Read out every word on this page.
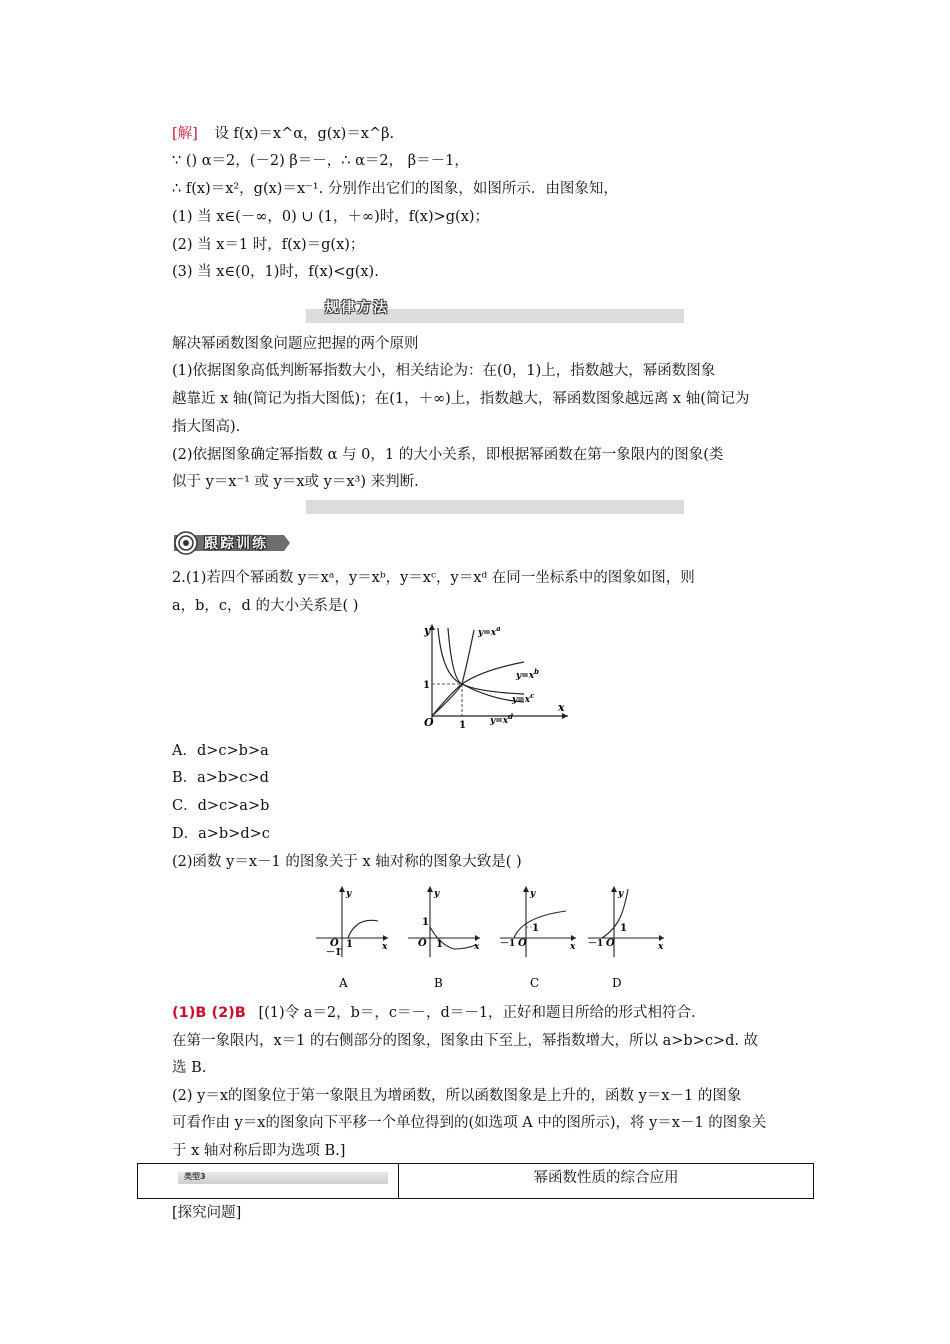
[解] 设 f(x)＝x^α，g(x)＝x^β.
∵ () α＝2，(－2) β＝－，∴ α＝2， β＝－1，
∴ f(x)＝x²，g(x)＝x⁻¹. 分别作出它们的图象，如图所示．由图象知，
(1) 当 x∈(－∞，0) ∪ (1，＋∞)时，f(x)>g(x)；
(2) 当 x＝1 时，f(x)＝g(x)；
(3) 当 x∈(0，1)时，f(x)<g(x).
规律方法
解决幂函数图象问题应把握的两个原则
(1)依据图象高低判断幂指数大小，相关结论为：在(0，1)上，指数越大，幂函数图象
越靠近 x 轴(简记为指大图低)；在(1，＋∞)上，指数越大，幂函数图象越远离 x 轴(简记为
指大图高).
(2)依据图象确定幂指数 α 与 0，1 的大小关系，即根据幂函数在第一象限内的图象(类
似于 y＝x⁻¹ 或 y＝x或 y＝x³) 来判断.
跟踪训练
2.(1)若四个幂函数 y＝xᵃ，y＝xᵇ，y＝xᶜ，y＝xᵈ 在同一坐标系中的图象如图，则
a，b，c，d 的大小关系是( )
y
x
O	1
1
$y=x^a$
$y=x^b$
$y=x^c$
$y=x^d$
A．d>c>b>a
B．a>b>c>d
C．d>c>a>b
D．a>b>d>c
(2)函数 y＝x－1 的图象关于 x 轴对称的图象大致是( )
y
x
O 1
－1
A
y
x
O 1
1
B
y
x
O
1
－1
C
y
x
O
1
－1
D
(1)B (2)B [(1)令 a＝2，b＝，c＝－，d＝－1，正好和题目所给的形式相符合.
在第一象限内，x＝1 的右侧部分的图象，图象由下至上，幂指数增大，所以 a>b>c>d. 故
选 B.
(2) y＝x的图象位于第一象限且为增函数，所以函数图象是上升的，函数 y＝x－1 的图象
可看作由 y＝x的图象向下平移一个单位得到的(如选项 A 中的图所示)，将 y＝x－1 的图象关
于 x 轴对称后即为选项 B.]
类型3	幂函数性质的综合应用
[探究问题]
